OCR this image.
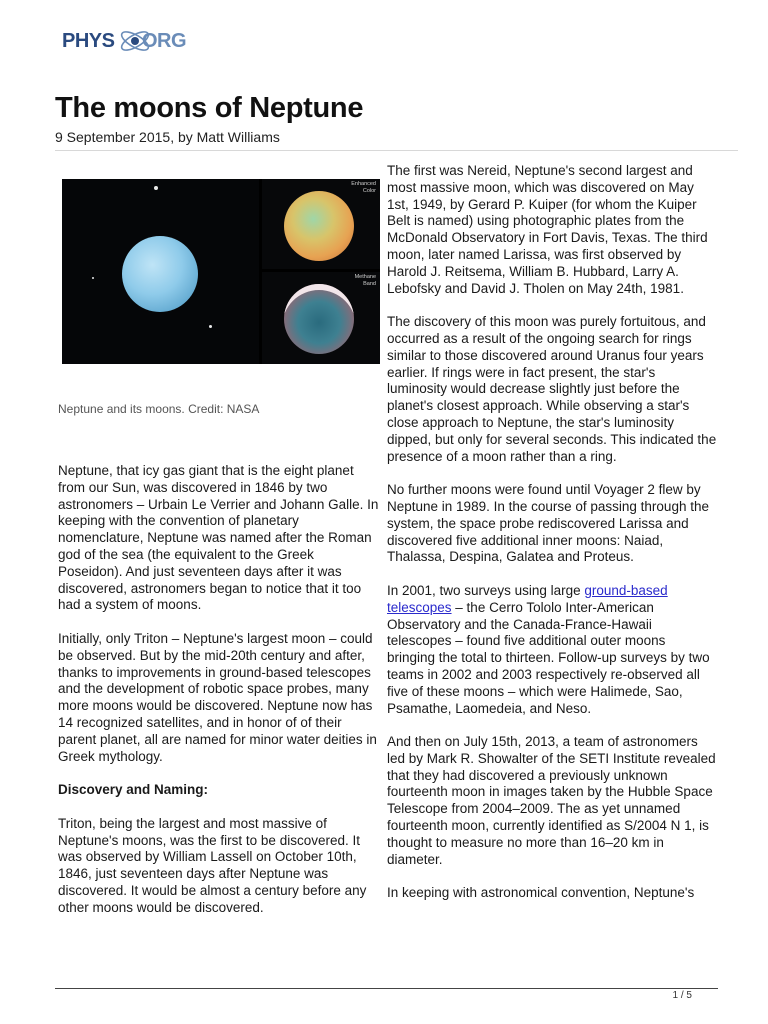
PHYS ORG
The moons of Neptune
9 September 2015, by Matt Williams
Enhanced
Color
Methane
Band
Neptune and its moons. Credit: NASA

Neptune, that icy gas giant that is the eight planet from our Sun, was discovered in 1846 by two astronomers – Urbain Le Verrier and Johann Galle. In keeping with the convention of planetary nomenclature, Neptune was named after the Roman god of the sea (the equivalent to the Greek Poseidon). And just seventeen days after it was discovered, astronomers began to notice that it too had a system of moons.

Initially, only Triton – Neptune's largest moon – could be observed. But by the mid-20th century and after, thanks to improvements in ground-based telescopes and the development of robotic space probes, many more moons would be discovered. Neptune now has 14 recognized satellites, and in honor of of their parent planet, all are named for minor water deities in Greek mythology.

Discovery and Naming:

Triton, being the largest and most massive of Neptune's moons, was the first to be discovered. It was observed by William Lassell on October 10th, 1846, just seventeen days after Neptune was discovered. It would be almost a century before any other moons would be discovered.

The first was Nereid, Neptune's second largest and most massive moon, which was discovered on May 1st, 1949, by Gerard P. Kuiper (for whom the Kuiper Belt is named) using photographic plates from the McDonald Observatory in Fort Davis, Texas. The third moon, later named Larissa, was first observed by Harold J. Reitsema, William B. Hubbard, Larry A. Lebofsky and David J. Tholen on May 24th, 1981.

The discovery of this moon was purely fortuitous, and occurred as a result of the ongoing search for rings similar to those discovered around Uranus four years earlier. If rings were in fact present, the star's luminosity would decrease slightly just before the planet's closest approach. While observing a star's close approach to Neptune, the star's luminosity dipped, but only for several seconds. This indicated the presence of a moon rather than a ring.

No further moons were found until Voyager 2 flew by Neptune in 1989. In the course of passing through the system, the space probe rediscovered Larissa and discovered five additional inner moons: Naiad, Thalassa, Despina, Galatea and Proteus.

In 2001, two surveys using large ground-based telescopes – the Cerro Tololo Inter-American Observatory and the Canada-France-Hawaii telescopes – found five additional outer moons bringing the total to thirteen. Follow-up surveys by two teams in 2002 and 2003 respectively re-observed all five of these moons – which were Halimede, Sao, Psamathe, Laomedeia, and Neso.

And then on July 15th, 2013, a team of astronomers led by Mark R. Showalter of the SETI Institute revealed that they had discovered a previously unknown fourteenth moon in images taken by the Hubble Space Telescope from 2004–2009. The as yet unnamed fourteenth moon, currently identified as S/2004 N 1, is thought to measure no more than 16–20 km in diameter.

In keeping with astronomical convention, Neptune's

1 / 5
